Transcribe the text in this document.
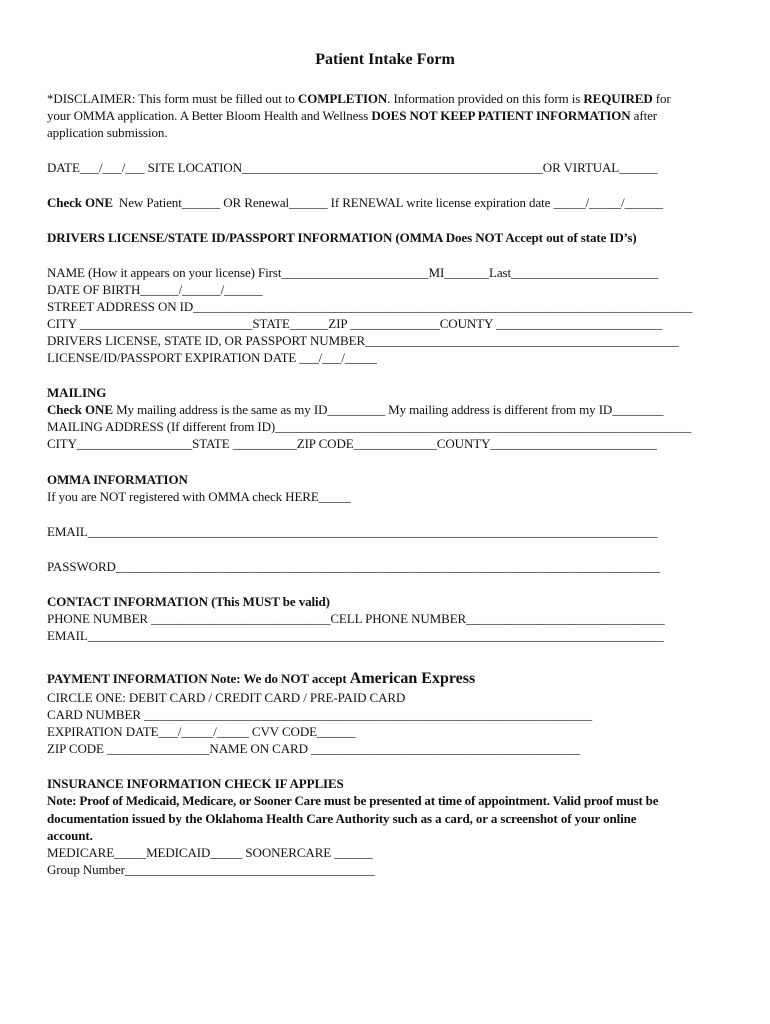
Patient Intake Form
*DISCLAIMER: This form must be filled out to COMPLETION. Information provided on this form is REQUIRED for
your OMMA application. A Better Bloom Health and Wellness DOES NOT KEEP PATIENT INFORMATION after
application submission.
DATE___/___/___ SITE LOCATION_______________________________________________OR VIRTUAL______
Check ONE New Patient______ OR Renewal______ If RENEWAL write license expiration date _____/_____/______
DRIVERS LICENSE/STATE ID/PASSPORT INFORMATION (OMMA Does NOT Accept out of state ID’s)
NAME (How it appears on your license) First_______________________MI_______Last_______________________
DATE OF BIRTH______/______/______
STREET ADDRESS ON ID______________________________________________________________________________
CITY ___________________________STATE______ZIP ______________COUNTY __________________________
DRIVERS LICENSE, STATE ID, OR PASSPORT NUMBER_________________________________________________
LICENSE/ID/PASSPORT EXPIRATION DATE ___/___/_____
MAILING
Check ONE My mailing address is the same as my ID_________ My mailing address is different from my ID________
MAILING ADDRESS (If different from ID)_________________________________________________________________
CITY__________________STATE __________ZIP CODE_____________COUNTY__________________________
OMMA INFORMATION
If you are NOT registered with OMMA check HERE_____
EMAIL_________________________________________________________________________________________
PASSWORD_____________________________________________________________________________________
CONTACT INFORMATION (This MUST be valid)
PHONE NUMBER ____________________________CELL PHONE NUMBER_______________________________
EMAIL__________________________________________________________________________________________
PAYMENT INFORMATION Note: We do NOT accept American Express
CIRCLE ONE: DEBIT CARD / CREDIT CARD / PRE-PAID CARD
CARD NUMBER ______________________________________________________________________
EXPIRATION DATE___/_____/_____ CVV CODE______
ZIP CODE ________________NAME ON CARD __________________________________________
INSURANCE INFORMATION CHECK IF APPLIES
Note: Proof of Medicaid, Medicare, or Sooner Care must be presented at time of appointment. Valid proof must be
documentation issued by the Oklahoma Health Care Authority such as a card, or a screenshot of your online
account.
MEDICARE_____MEDICAID_____ SOONERCARE ______
Group Number_______________________________________
